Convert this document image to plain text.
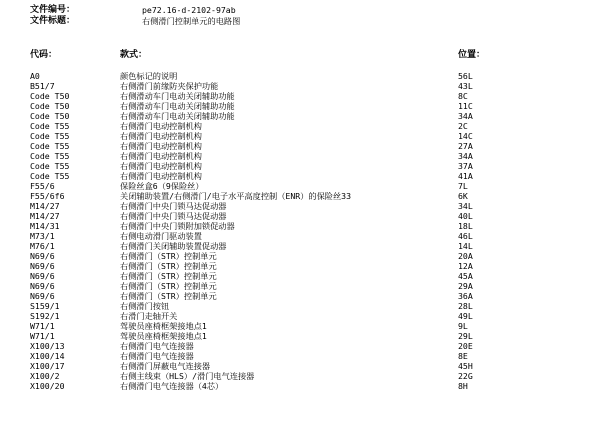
文件编号：	pe72.16-d-2102-97ab
文件标题：	右侧滑门控制单元的电路图
代码：	款式：	位置：
A0	颜色标记的说明	56L
B51/7	右侧滑门前缘防夹保护功能	43L
Code T50	右侧滑动车门电动关闭辅助功能	8C
Code T50	右侧滑动车门电动关闭辅助功能	11C
Code T50	右侧滑动车门电动关闭辅助功能	34A
Code T55	右侧滑门电动控制机构	2C
Code T55	右侧滑门电动控制机构	14C
Code T55	右侧滑门电动控制机构	27A
Code T55	右侧滑门电动控制机构	34A
Code T55	右侧滑门电动控制机构	37A
Code T55	右侧滑门电动控制机构	41A
F55/6	保险丝盒6（9保险丝）	7L
F55/6f6	关闭辅助装置/右侧滑门/电子水平高度控制（ENR）的保险丝33	6K
M14/27	右侧滑门中央门锁马达促动器	34L
M14/27	右侧滑门中央门锁马达促动器	40L
M14/31	右侧滑门中央门锁附加锁促动器	18L
M73/1	右侧电动滑门驱动装置	46L
M76/1	右侧滑门关闭辅助装置促动器	14L
N69/6	右侧滑门（STR）控制单元	20A
N69/6	右侧滑门（STR）控制单元	12A
N69/6	右侧滑门（STR）控制单元	45A
N69/6	右侧滑门（STR）控制单元	29A
N69/6	右侧滑门（STR）控制单元	36A
S159/1	右侧滑门按钮	28L
S192/1	右滑门走轴开关	49L
W71/1	驾驶员座椅框架接地点1	9L
W71/1	驾驶员座椅框架接地点1	29L
X100/13	右侧滑门电气连接器	20E
X100/14	右侧滑门电气连接器	8E
X100/17	右侧滑门屏蔽电气连接器	45H
X100/2	右侧主线束（HLS）/滑门电气连接器	22G
X100/20	右侧滑门电气连接器（4芯）	8H
